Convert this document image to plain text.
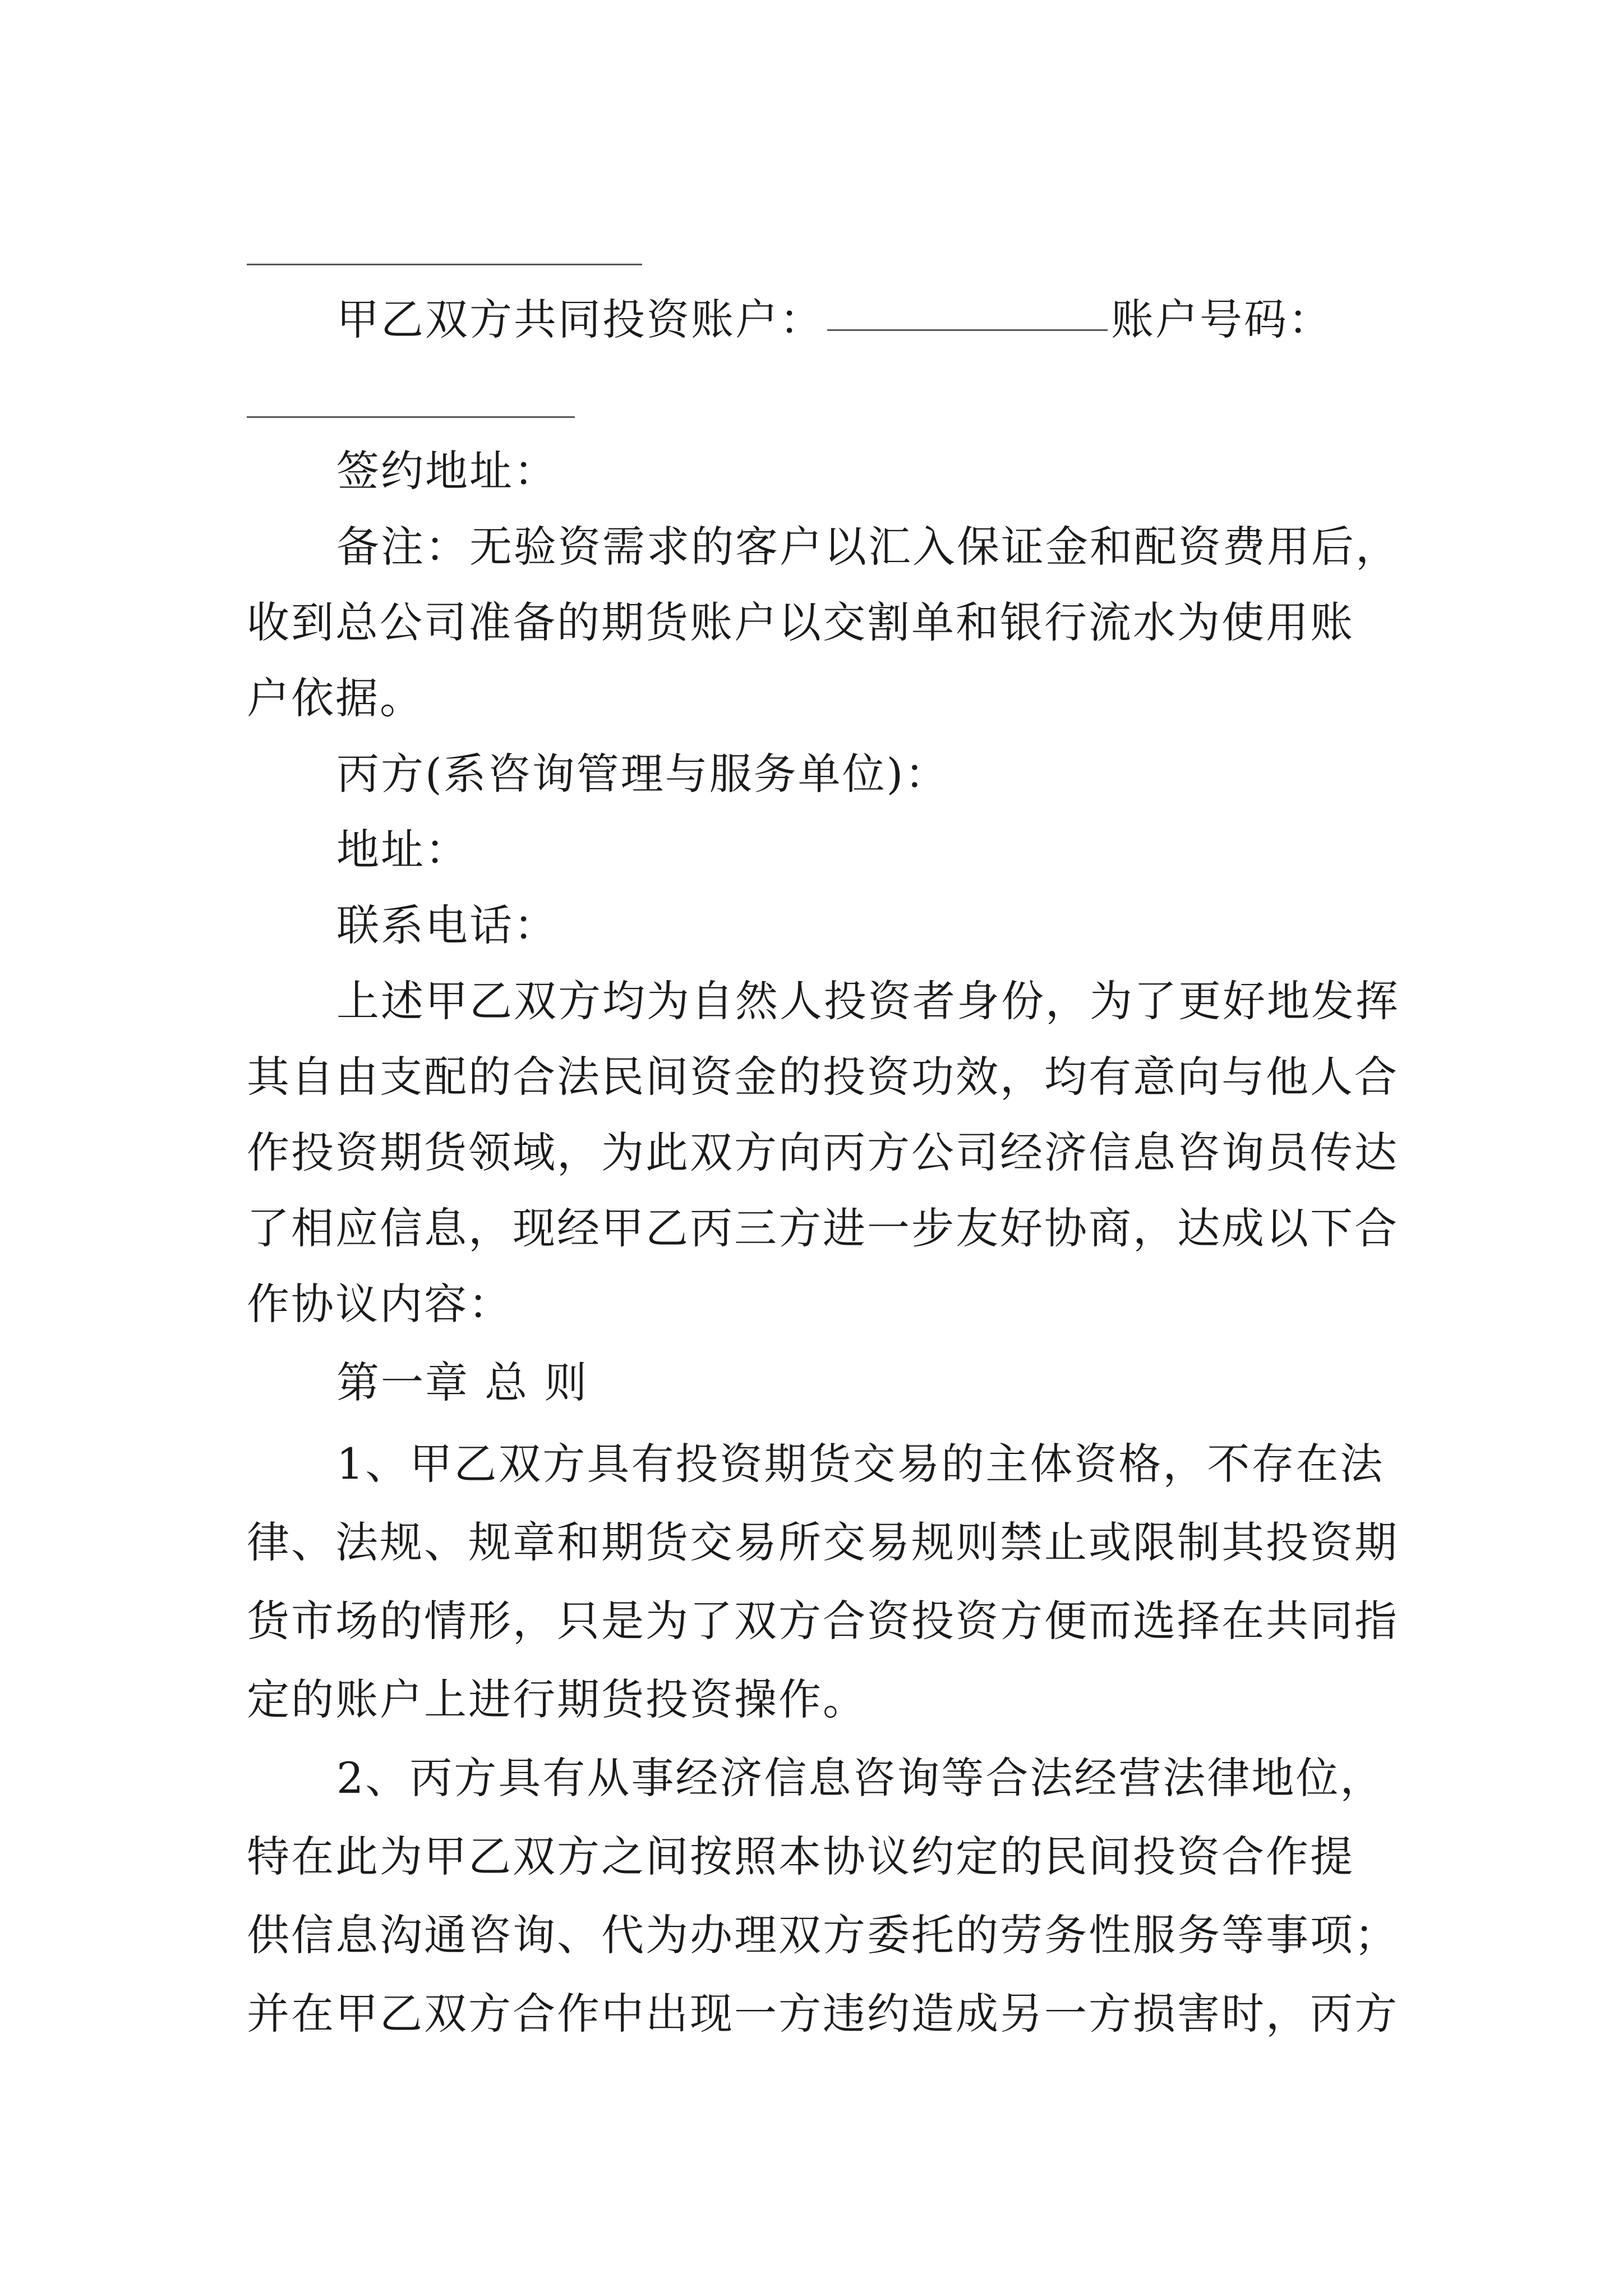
甲乙双方共同投资账户：	账户号码：
签约地址：
备注：无验资需求的客户以汇入保证金和配资费用后，
收到总公司准备的期货账户以交割单和银行流水为使用账
户依据。
丙方(系咨询管理与服务单位)：
地址：
联系电话：
上述甲乙双方均为自然人投资者身份，为了更好地发挥
其自由支配的合法民间资金的投资功效，均有意向与他人合
作投资期货领域，为此双方向丙方公司经济信息咨询员传达
了相应信息，现经甲乙丙三方进一步友好协商，达成以下合
作协议内容：
第一章 总 则
1、甲乙双方具有投资期货交易的主体资格，不存在法
律、法规、规章和期货交易所交易规则禁止或限制其投资期
货市场的情形，只是为了双方合资投资方便而选择在共同指
定的账户上进行期货投资操作。
2、丙方具有从事经济信息咨询等合法经营法律地位，
特在此为甲乙双方之间按照本协议约定的民间投资合作提
供信息沟通咨询、代为办理双方委托的劳务性服务等事项；
并在甲乙双方合作中出现一方违约造成另一方损害时，丙方
